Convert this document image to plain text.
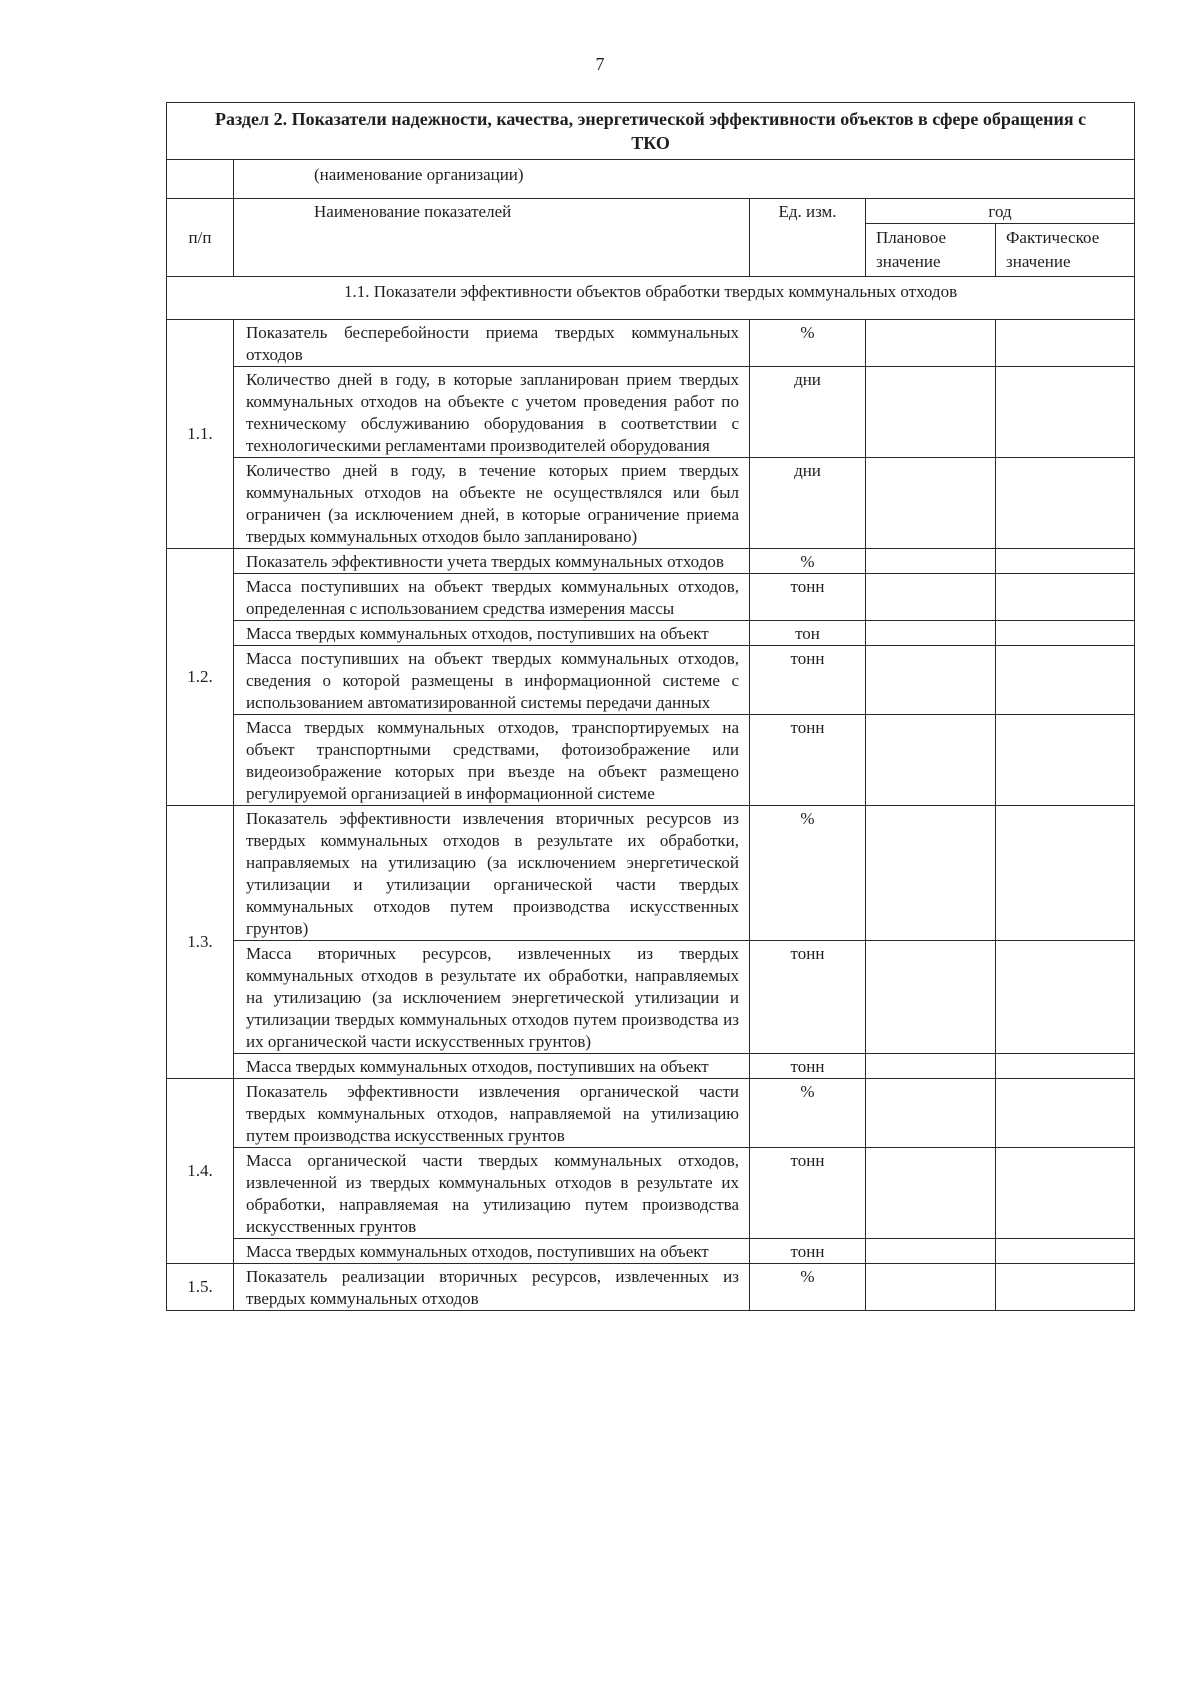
7
Раздел 2. Показатели надежности, качества, энергетической эффективности объектов в сфере обращения с ТКО				
	(наименование организации)			
п/п	Наименование показателей	Ед. изм.	год	
			Плановое значение	Фактическое значение
1.1. Показатели эффективности объектов обработки твердых коммунальных отходов				
1.1.	Показатель бесперебойности приема твердых коммунальных отходов	%		
	Количество дней в году, в которые запланирован прием твердых коммунальных отходов на объекте с учетом проведения работ по техническому обслуживанию оборудования в соответствии с технологическими регламентами производителей оборудования	дни		
	Количество дней в году, в течение которых прием твердых коммунальных отходов на объекте не осуществлялся или был ограничен (за исключением дней, в которые ограничение приема твердых коммунальных отходов было запланировано)	дни		
1.2.	Показатель эффективности учета твердых коммунальных отходов	%		
	Масса поступивших на объект твердых коммунальных отходов, определенная с использованием средства измерения массы	тонн		
	Масса твердых коммунальных отходов, поступивших на объект	тон		
	Масса поступивших на объект твердых коммунальных отходов, сведения о которой размещены в информационной системе с использованием автоматизированной системы передачи данных	тонн		
	Масса твердых коммунальных отходов, транспортируемых на объект транспортными средствами, фотоизображение или видеоизображение которых при въезде на объект размещено регулируемой организацией в информационной системе	тонн		
1.3.	Показатель эффективности извлечения вторичных ресурсов из твердых коммунальных отходов в результате их обработки, направляемых на утилизацию (за исключением энергетической утилизации и утилизации органической части твердых коммунальных отходов путем производства искусственных грунтов)	%		
	Масса вторичных ресурсов, извлеченных из твердых коммунальных отходов в результате их обработки, направляемых на утилизацию (за исключением энергетической утилизации и утилизации твердых коммунальных отходов путем производства из их органической части искусственных грунтов)	тонн		
	Масса твердых коммунальных отходов, поступивших на объект	тонн		
1.4.	Показатель эффективности извлечения органической части твердых коммунальных отходов, направляемой на утилизацию путем производства искусственных грунтов	%		
	Масса органической части твердых коммунальных отходов, извлеченной из твердых коммунальных отходов в результате их обработки, направляемая на утилизацию путем производства искусственных грунтов	тонн		
	Масса твердых коммунальных отходов, поступивших на объект	тонн		
1.5.	Показатель реализации вторичных ресурсов, извлеченных из твердых коммунальных отходов	%		
